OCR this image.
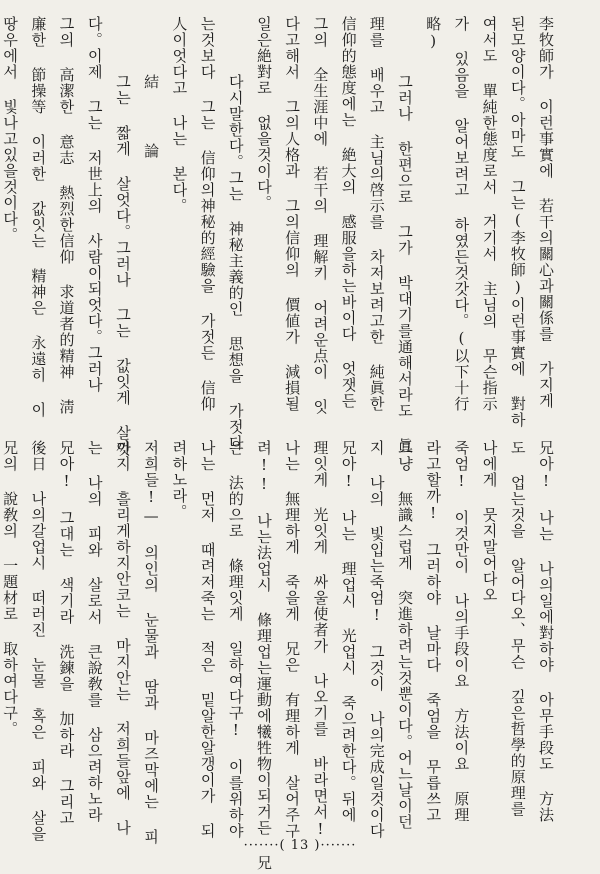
李牧師가 이런事實에 若干의關心과關係를 가지게
된모양이다。아마도 그는(李牧師)이런事實에 對하
여서도 單純한態度로서 거기서 主님의 무슨指示
가 있음을 알어보려고 하였든것갓다。(以下十行
略)
그러나 한편으로 그가 박대기를通해서라도 眞
理를 배우고 主님의啓示를 차저보려고한 純眞한
信仰的態度에는 絶大의 感服을하는바이다 엇잿든
그의 全生涯中에 若干의 理解키 어려운点이 잇
다고해서 그의人格과 그의信仰의 價値가 減損될
일은絶對로 없을것이다。
다시말한다。그는 神秘主義的인 思想을 가젓다
는것보다 그는 信仰의神秘的經驗을 가젓든 信仰
人이엇다고 나는 본다。
結 論
그는 짧게 살엇다。그러나 그는 값잇게 살엇
다。이제 그는 저世上의 사람이되엇다。그러나
그의 高潔한 意志 熱烈한信仰 求道者的精神 淸
廉한 節操等 이러한 값잇는 精神은 永遠히 이
땅우에서 빛나고있을것이다。
兄아! 나는 나의일에對하야 아무手段도 方法
도 업는것을 알어다오、무슨 깊은哲學的原理를
나에게 뭇지말어다오
죽엄! 이것만이 나의手段이요 方法이요 原理
라고할까! 그러하야 날마다 죽엄을 무릅쓰고
그냥 無識스럽게 突進하려는것뿐이다。어느날이던
지 나의 빛입는죽엄! 그것이 나의完成일것이다
兄아! 나는 理업시 光업시 죽으려한다。뒤에
理잇게 光잇게 싸울使者가 나오기를 바라면서!
나는 無理하게 죽을게 兄은 有理하게 살어주구
려!! 나는法업시 條理업는運動에犧牲物이되거든 兄
은 法的으로 條理잇게 일하여다구! 이를위하야
나는 먼저 때려저죽는 적은 밑알한알갱이가 되
려하노라。
저희들!— 의인의 눈물과 땀과 마즈막에는 피
까지 흘리게하지안코는 마지안는 저희들앞에 나
는 나의 피와 살로서 큰說敎를 삼으려하노라
兄아! 그대는 색기라 洗鍊을 加하라 그리고
後日 나의갈업시 떠러진 눈물 혹은 피와 살을
兄의 說敎의 一題材로 取하여다구。
·······( 13 )·······
